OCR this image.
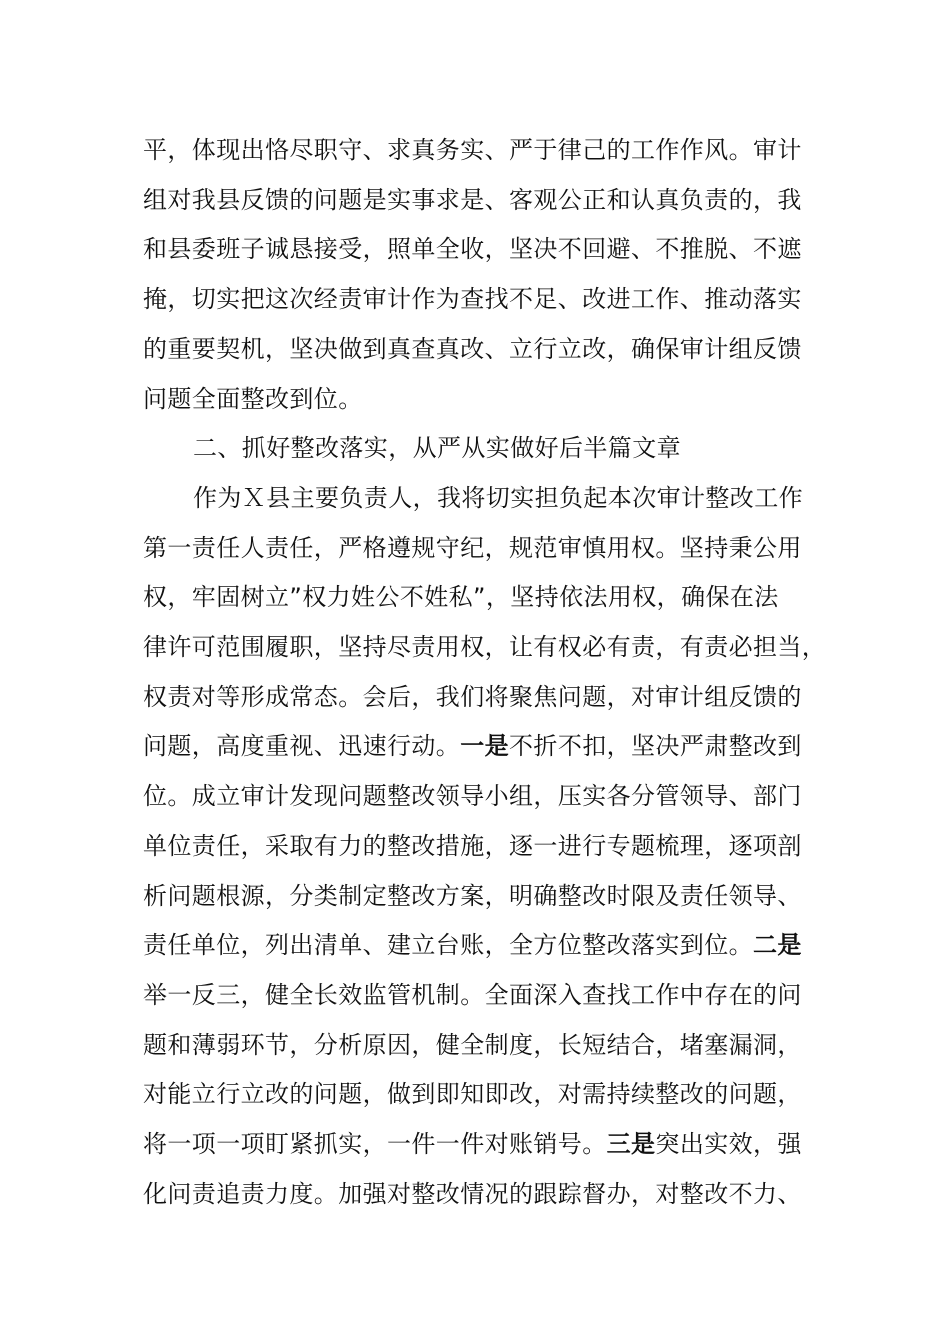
平，体现出恪尽职守、求真务实、严于律己的工作作风。审计
组对我县反馈的问题是实事求是、客观公正和认真负责的，我
和县委班子诚恳接受，照单全收，坚决不回避、不推脱、不遮
掩，切实把这次经责审计作为查找不足、改进工作、推动落实
的重要契机，坚决做到真查真改、立行立改，确保审计组反馈
问题全面整改到位。
二、抓好整改落实，从严从实做好后半篇文章
作为Ｘ县主要负责人，我将切实担负起本次审计整改工作
第一责任人责任，严格遵规守纪，规范审慎用权。坚持秉公用
权，牢固树立”权力姓公不姓私”，坚持依法用权，确保在法
律许可范围履职，坚持尽责用权，让有权必有责，有责必担当，
权责对等形成常态。会后，我们将聚焦问题，对审计组反馈的
问题，高度重视、迅速行动。一是不折不扣，坚决严肃整改到
位。成立审计发现问题整改领导小组，压实各分管领导、部门
单位责任，采取有力的整改措施，逐一进行专题梳理，逐项剖
析问题根源，分类制定整改方案，明确整改时限及责任领导、
责任单位，列出清单、建立台账，全方位整改落实到位。二是
举一反三，健全长效监管机制。全面深入查找工作中存在的问
题和薄弱环节，分析原因，健全制度，长短结合，堵塞漏洞，
对能立行立改的问题，做到即知即改，对需持续整改的问题，
将一项一项盯紧抓实，一件一件对账销号。三是突出实效，强
化问责追责力度。加强对整改情况的跟踪督办，对整改不力、
